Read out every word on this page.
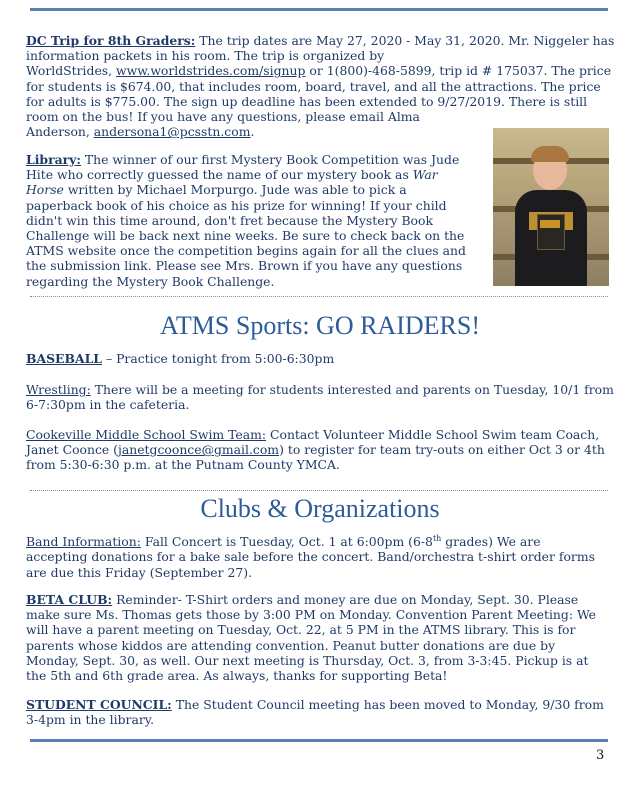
DC Trip for 8th Graders: The trip dates are May 27, 2020 - May 31, 2020. Mr. Niggeler has
information packets in his room. The trip is organized by
WorldStrides, www.worldstrides.com/signup or 1(800)-468-5899, trip id # 175037. The price
for students is $674.00, that includes room, board, travel, and all the attractions. The price
for adults is $775.00. The sign up deadline has been extended to 9/27/2019. There is still
room on the bus! If you have any questions, please email Alma
Anderson, andersona1@pcsstn.com.
Library: The winner of our first Mystery Book Competition was Jude
Hite who correctly guessed the name of our mystery book as War
Horse written by Michael Morpurgo. Jude was able to pick a
paperback book of his choice as his prize for winning! If your child
didn't win this time around, don't fret because the Mystery Book
Challenge will be back next nine weeks. Be sure to check back on the
ATMS website once the competition begins again for all the clues and
the submission link. Please see Mrs. Brown if you have any questions
regarding the Mystery Book Challenge.
ATMS Sports: GO RAIDERS!
BASEBALL – Practice tonight from 5:00-6:30pm
Wrestling: There will be a meeting for students interested and parents on Tuesday, 10/1 from
6-7:30pm in the cafeteria.
Cookeville Middle School Swim Team: Contact Volunteer Middle School Swim team Coach,
Janet Coonce (janetgcoonce@gmail.com) to register for team try-outs on either Oct 3 or 4th
from 5:30-6:30 p.m. at the Putnam County YMCA.
Clubs & Organizations
Band Information: Fall Concert is Tuesday, Oct. 1 at 6:00pm (6-8th grades) We are
accepting donations for a bake sale before the concert. Band/orchestra t-shirt order forms
are due this Friday (September 27).
BETA CLUB: Reminder- T-Shirt orders and money are due on Monday, Sept. 30. Please
make sure Ms. Thomas gets those by 3:00 PM on Monday. Convention Parent Meeting: We
will have a parent meeting on Tuesday, Oct. 22, at 5 PM in the ATMS library. This is for
parents whose kiddos are attending convention. Peanut butter donations are due by
Monday, Sept. 30, as well. Our next meeting is Thursday, Oct. 3, from 3-3:45. Pickup is at
the 5th and 6th grade area. As always, thanks for supporting Beta!
STUDENT COUNCIL: The Student Council meeting has been moved to Monday, 9/30 from
3-4pm in the library.
3
